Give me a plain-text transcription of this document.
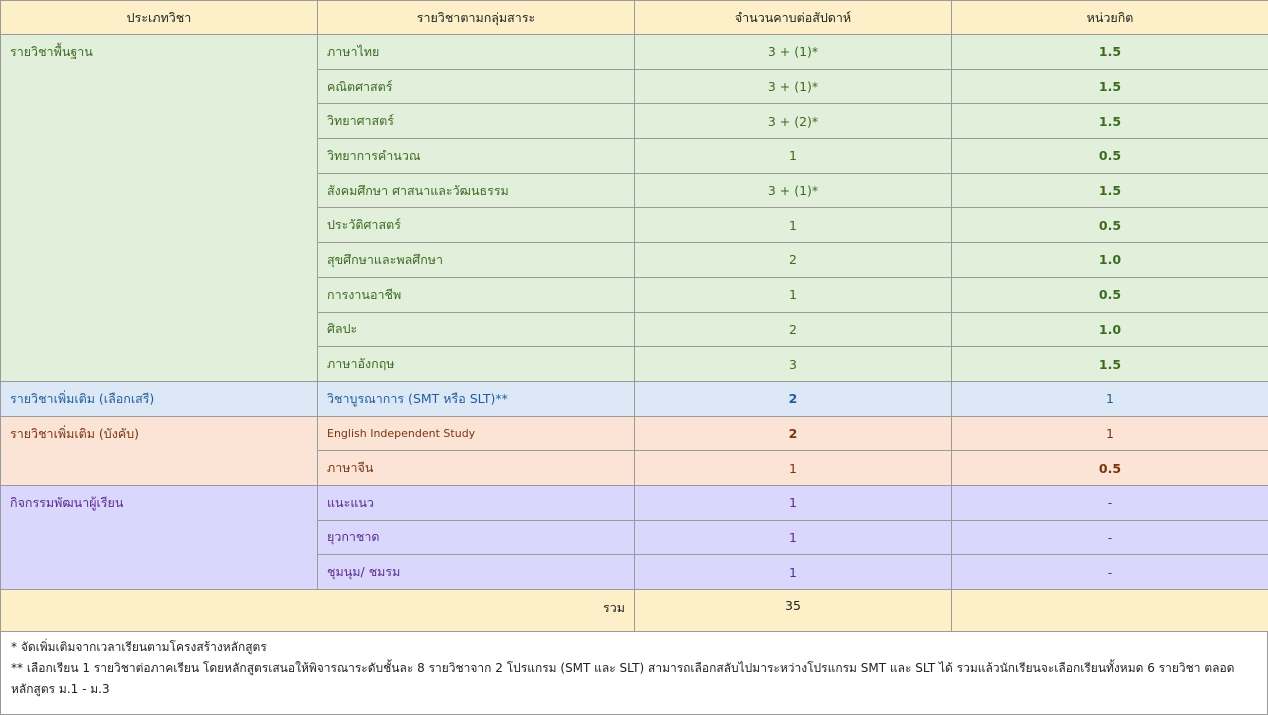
ประเภทวิชา	รายวิชาตามกลุ่มสาระ	จำนวนคาบต่อสัปดาห์	หน่วยกิต
รายวิชาพื้นฐาน	ภาษาไทย	3 + (1)*	1.5
	คณิตศาสตร์	3 + (1)*	1.5
	วิทยาศาสตร์	3 + (2)*	1.5
	วิทยาการคำนวณ	1	0.5
	สังคมศึกษา ศาสนาและวัฒนธรรม	3 + (1)*	1.5
	ประวัติศาสตร์	1	0.5
	สุขศึกษาและพลศึกษา	2	1.0
	การงานอาชีพ	1	0.5
	ศิลปะ	2	1.0
	ภาษาอังกฤษ	3	1.5
รายวิชาเพิ่มเติม (เลือกเสรี)	วิชาบูรณาการ (SMT หรือ SLT)**	2	1
รายวิชาเพิ่มเติม (บังคับ)	English Independent Study	2	1
	ภาษาจีน	1	0.5
กิจกรรมพัฒนาผู้เรียน	แนะแนว	1	-
	ยุวกาชาด	1	-
	ชุมนุม/ ชมรม	1	-
รวม		35	
* จัดเพิ่มเติมจากเวลาเรียนตามโครงสร้างหลักสูตร
** เลือกเรียน 1 รายวิชาต่อภาคเรียน โดยหลักสูตรเสนอให้พิจารณาระดับชั้นละ 8 รายวิชาจาก 2 โปรแกรม (SMT และ SLT) สามารถเลือกสลับไปมาระหว่างโปรแกรม SMT และ SLT ได้ รวมแล้วนักเรียนจะเลือกเรียนทั้งหมด 6 รายวิชา ตลอดหลักสูตร ม.1 - ม.3
